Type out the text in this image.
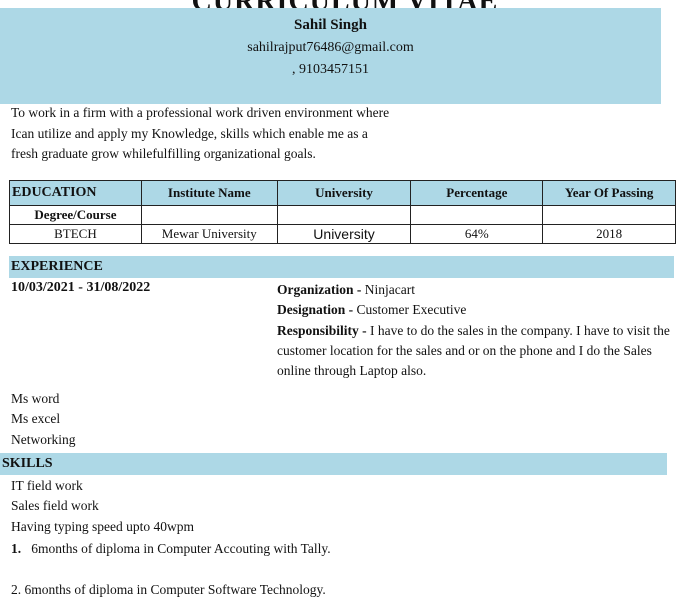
Sahil Singh
sahilrajput76486@gmail.com
, 9103457151
To work in a firm with a professional work driven environment where Ican utilize and apply my Knowledge, skills which enable me as a fresh graduate grow whilefulfilling organizational goals.
EDUCATION	Institute Name	University	Percentage	Year Of Passing
Degree/Course				
BTECH	Mewar University	University	64%	2018
EXPERIENCE
10/03/2021 - 31/08/2022	Organization - Ninjacart
Designation - Customer Executive
Responsibility - I have to do the sales in the company. I have to visit the customer location for the sales and or on the phone and I do the Sales online through Laptop also.
Ms word
Ms excel
Networking
SKILLS
IT field work
Sales field work
Having typing speed upto 40wpm
1. 6months of diploma in Computer Accouting with Tally.
2. 6months of diploma in Computer Software Technology.
